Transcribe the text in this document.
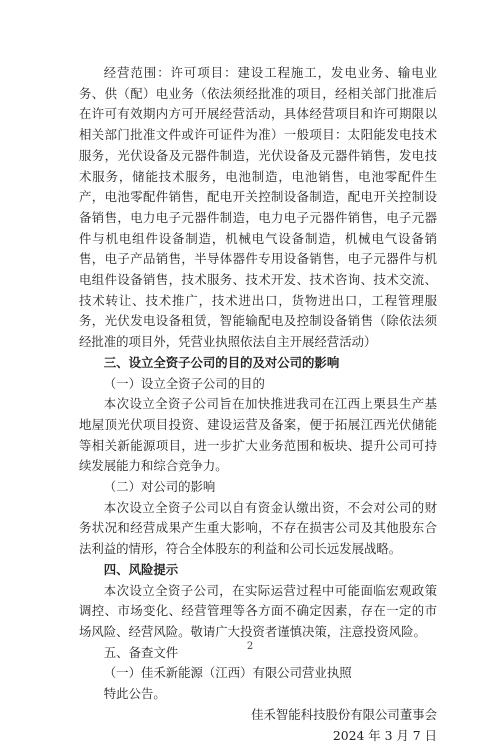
经营范围：许可项目：建设工程施工，发电业务、输电业务、供（配）电业务（依法须经批准的项目，经相关部门批准后在许可有效期内方可开展经营活动，具体经营项目和许可期限以相关部门批准文件或许可证件为准）一般项目：太阳能发电技术服务，光伏设备及元器件制造，光伏设备及元器件销售，发电技术服务，储能技术服务，电池制造，电池销售，电池零配件生产，电池零配件销售，配电开关控制设备制造，配电开关控制设备销售，电力电子元器件制造，电力电子元器件销售，电子元器件与机电组件设备制造，机械电气设备制造，机械电气设备销售，电子产品销售，半导体器件专用设备销售，电子元器件与机电组件设备销售，技术服务、技术开发、技术咨询、技术交流、技术转让、技术推广，技术进出口，货物进出口，工程管理服务，光伏发电设备租赁，智能输配电及控制设备销售（除依法须经批准的项目外，凭营业执照依法自主开展经营活动）

三、设立全资子公司的目的及对公司的影响

（一）设立全资子公司的目的

本次设立全资子公司旨在加快推进我司在江西上栗县生产基地屋顶光伏项目投资、建设运营及备案，便于拓展江西光伏储能等相关新能源项目，进一步扩大业务范围和板块、提升公司可持续发展能力和综合竞争力。

（二）对公司的影响

本次设立全资子公司以自有资金认缴出资，不会对公司的财务状况和经营成果产生重大影响，不存在损害公司及其他股东合法利益的情形，符合全体股东的利益和公司长远发展战略。

四、风险提示

本次设立全资子公司，在实际运营过程中可能面临宏观政策调控、市场变化、经营管理等各方面不确定因素，存在一定的市场风险、经营风险。敬请广大投资者谨慎决策，注意投资风险。

五、备查文件

（一）佳禾新能源（江西）有限公司营业执照

特此公告。

佳禾智能科技股份有限公司董事会

2024 年 3 月 7 日

2
